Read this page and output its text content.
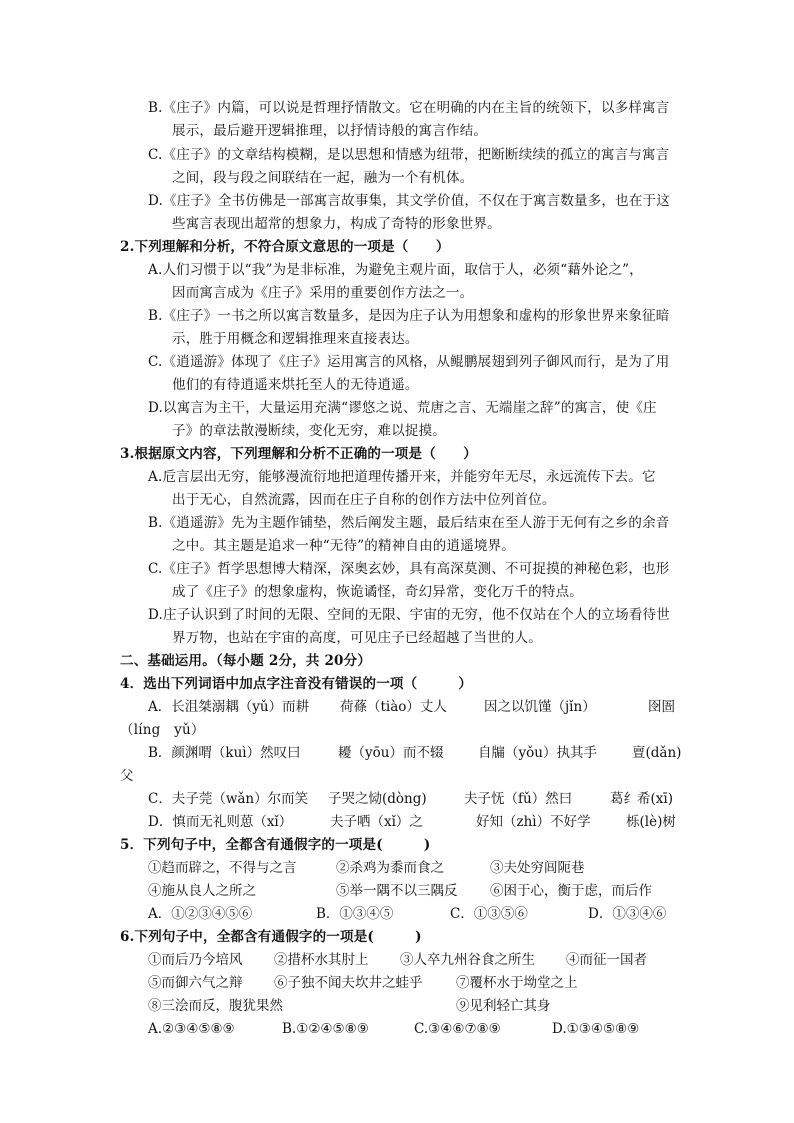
B.《庄子》内篇，可以说是哲理抒情散文。它在明确的内在主旨的统领下，以多样寓言
展示，最后避开逻辑推理，以抒情诗般的寓言作结。
C.《庄子》的文章结构模糊，是以思想和情感为纽带，把断断续续的孤立的寓言与寓言
之间，段与段之间联结在一起，融为一个有机体。
D.《庄子》全书仿佛是一部寓言故事集，其文学价值，不仅在于寓言数量多，也在于这
些寓言表现出超常的想象力，构成了奇特的形象世界。
2.下列理解和分析，不符合原文意思的一项是（　　）
A.人们习惯于以“我”为是非标准，为避免主观片面，取信于人，必须“藉外论之”，
因而寓言成为《庄子》采用的重要创作方法之一。
B.《庄子》一书之所以寓言数量多，是因为庄子认为用想象和虚构的形象世界来象征暗
示，胜于用概念和逻辑推理来直接表达。
C.《逍遥游》体现了《庄子》运用寓言的风格，从鲲鹏展翅到列子御风而行，是为了用
他们的有待逍遥来烘托至人的无待逍遥。
D.以寓言为主干，大量运用充满“谬悠之说、荒唐之言、无端崖之辞”的寓言，使《庄
子》的章法散漫断续，变化无穷，难以捉摸。
3.根据原文内容，下列理解和分析不正确的一项是（　　）
A.卮言层出无穷，能够漫流衍地把道理传播开来，并能穷年无尽，永远流传下去。它
出于无心，自然流露，因而在庄子自称的创作方法中位列首位。
B.《逍遥游》先为主题作铺垫，然后阐发主题，最后结束在至人游于无何有之乡的余音
之中。其主题是追求一种“无待”的精神自由的逍遥境界。
C.《庄子》哲学思想博大精深，深奥玄妙，具有高深莫测、不可捉摸的神秘色彩，也形
成了《庄子》的想象虚构，恢诡谲怪，奇幻异常，变化万千的特点。
D.庄子认识到了时间的无限、空间的无限、宇宙的无穷，他不仅站在个人的立场看待世
界万物，也站在宇宙的高度，可见庄子已经超越了当世的人。
二、基础运用。（每小题 2分，共 20分）
4．选出下列词语中加点字注音没有错误的一项（　　　）
A．长沮桀溺耦（yǔ）而耕 荷蓧（tiào）丈人	因之以饥馑（jǐn）	囹圄
（líng　yǔ）
B．颜渊喟（kuì）然叹曰	耰（yōu）而不辍	自牖（yǒu）执其手	亶(dǎn)
父
C．夫子莞（wǎn）尔而笑 子哭之恸(dòng)	夫子怃（fǔ）然曰	葛纟希(xī)
D．慎而无礼则葸（xǐ）	夫子哂（xǐ）之	好知（zhì）不好学	栎(lè)树
5．下列句子中，全都含有通假字的一项是(　　　)
①趋而辟之，不得与之言	②杀鸡为黍而食之	③夫处穷闾阨巷
④施从良人之所之	⑤举一隅不以三隅反 ⑥困于心，衡于虑，而后作
A．①②③④⑤⑥	B．①③④⑤	C．①③⑤⑥	D．①③④⑥
6.下列句子中，全都含有通假字的一项是(　　　)
①而后乃今培风 ②措杯水其肘上 ③人卒九州谷食之所生 ④而征一国者
⑤而御六气之辩 ⑥子独不闻夫坎井之蛙乎 ⑦覆杯水于坳堂之上
⑧三浍而反，腹犹果然	⑨见利轻亡其身
A.②③④⑤⑧⑨	B.①②④⑤⑧⑨	C.③④⑥⑦⑧⑨	D.①③④⑤⑧⑨
